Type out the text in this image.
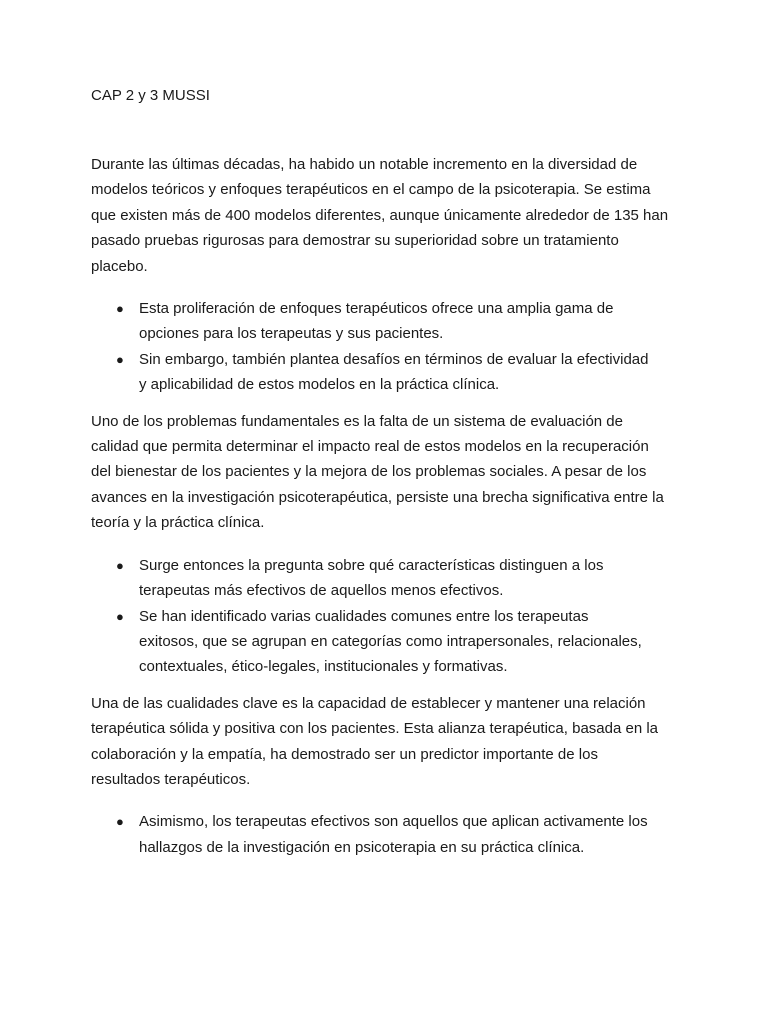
CAP 2 y 3 MUSSI

Durante las últimas décadas, ha habido un notable incremento en la diversidad de modelos teóricos y enfoques terapéuticos en el campo de la psicoterapia. Se estima que existen más de 400 modelos diferentes, aunque únicamente alrededor de 135 han pasado pruebas rigurosas para demostrar su superioridad sobre un tratamiento placebo.

● Esta proliferación de enfoques terapéuticos ofrece una amplia gama de opciones para los terapeutas y sus pacientes.
● Sin embargo, también plantea desafíos en términos de evaluar la efectividad y aplicabilidad de estos modelos en la práctica clínica.

Uno de los problemas fundamentales es la falta de un sistema de evaluación de calidad que permita determinar el impacto real de estos modelos en la recuperación del bienestar de los pacientes y la mejora de los problemas sociales. A pesar de los avances en la investigación psicoterapéutica, persiste una brecha significativa entre la teoría y la práctica clínica.

● Surge entonces la pregunta sobre qué características distinguen a los terapeutas más efectivos de aquellos menos efectivos.
● Se han identificado varias cualidades comunes entre los terapeutas exitosos, que se agrupan en categorías como intrapersonales, relacionales, contextuales, ético-legales, institucionales y formativas.

Una de las cualidades clave es la capacidad de establecer y mantener una relación terapéutica sólida y positiva con los pacientes. Esta alianza terapéutica, basada en la colaboración y la empatía, ha demostrado ser un predictor importante de los resultados terapéuticos.

● Asimismo, los terapeutas efectivos son aquellos que aplican activamente los hallazgos de la investigación en psicoterapia en su práctica clínica.
